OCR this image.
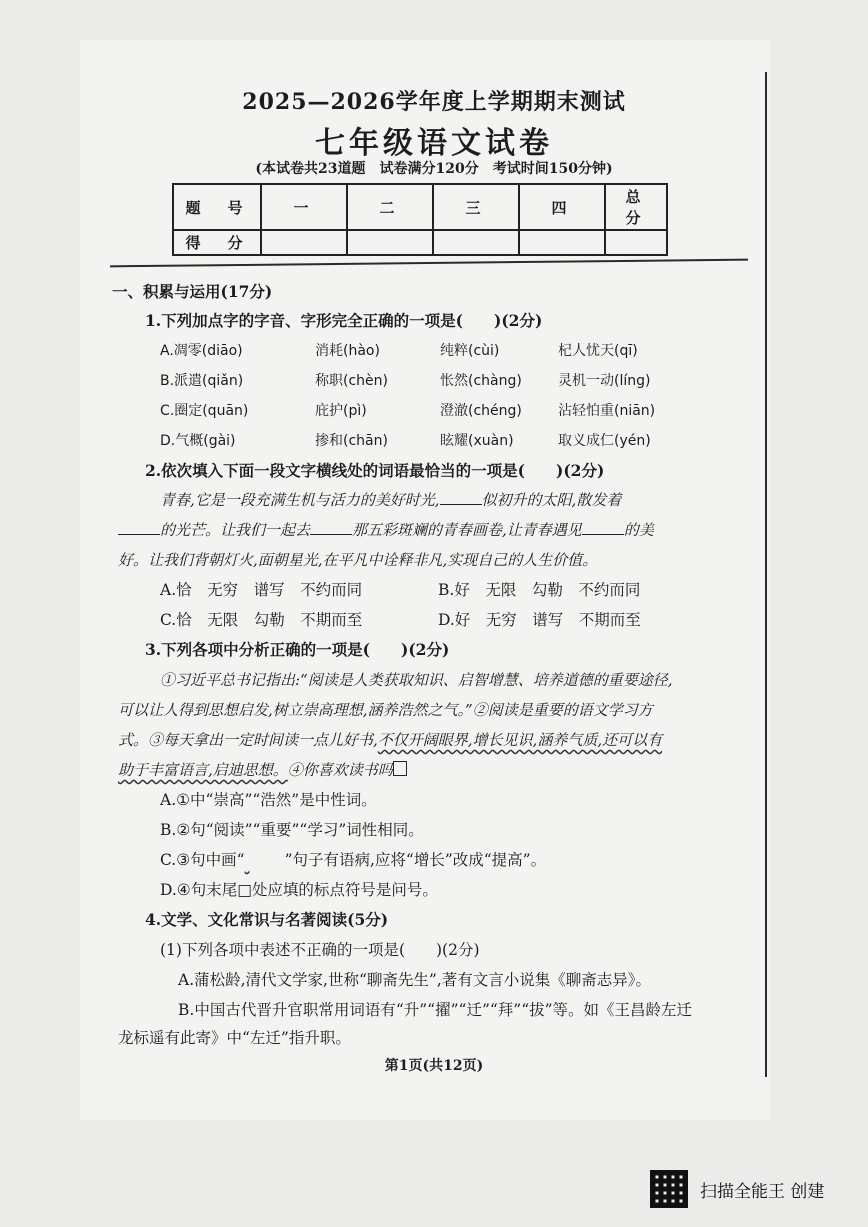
2025—2026学年度上学期期末测试
七年级语文试卷
(本试卷共23道题　试卷满分120分　考试时间150分钟)
题　号	一	二	三	四	总　分
得　分					
一、积累与运用(17分)
1.下列加点字的字音、字形完全正确的一项是(　　)(2分)
A.凋零(diāo)	消耗(hào)	纯粹(cùi)	杞人忧天(qī)
B.派遣(qiǎn)	称职(chèn)	怅然(chàng)	灵机一动(líng)
C.圈定(quān)	庇护(pì)	澄澈(chéng)	沾轻怕重(niān)
D.气概(gài)	掺和(chān)	眩耀(xuàn)	取义成仁(yén)
2.依次填入下面一段文字横线处的词语最恰当的一项是(　　)(2分)
青春,它是一段充满生机与活力的美好时光,	似初升的太阳,散发着
的光芒。让我们一起去	那五彩斑斓的青春画卷,让青春遇见	的美
好。让我们背朝灯火,面朝星光,在平凡中诠释非凡,实现自己的人生价值。
A.恰　无穷　谱写　不约而同	B.好　无限　勾勒　不约而同
C.恰　无限　勾勒　不期而至	D.好　无穷　谱写　不期而至
3.下列各项中分析正确的一项是(　　)(2分)
①习近平总书记指出:“阅读是人类获取知识、启智增慧、培养道德的重要途径,
可以让人得到思想启发,树立崇高理想,涵养浩然之气。”②阅读是重要的语文学习方
式。③每天拿出一定时间读一点儿好书,不仅开阔眼界,增长见识,涵养气质,还可以有
助于丰富语言,启迪思想。④你喜欢读书吗
A.①中“崇高”“浩然”是中性词。
B.②句“阅读”“重要”“学习”词性相同。
C.③句中画“	”句子有语病,应将“增长”改成“提高”。
D.④句末尾□处应填的标点符号是问号。
4.文学、文化常识与名著阅读(5分)
(1)下列各项中表述不正确的一项是(　　)(2分)
A.蒲松龄,清代文学家,世称“聊斋先生”,著有文言小说集《聊斋志异》。
B.中国古代晋升官职常用词语有“升”“擢”“迁”“拜”“拔”等。如《王昌龄左迁
龙标遥有此寄》中“左迁”指升职。
第1页(共12页)
扫描全能王 创建
